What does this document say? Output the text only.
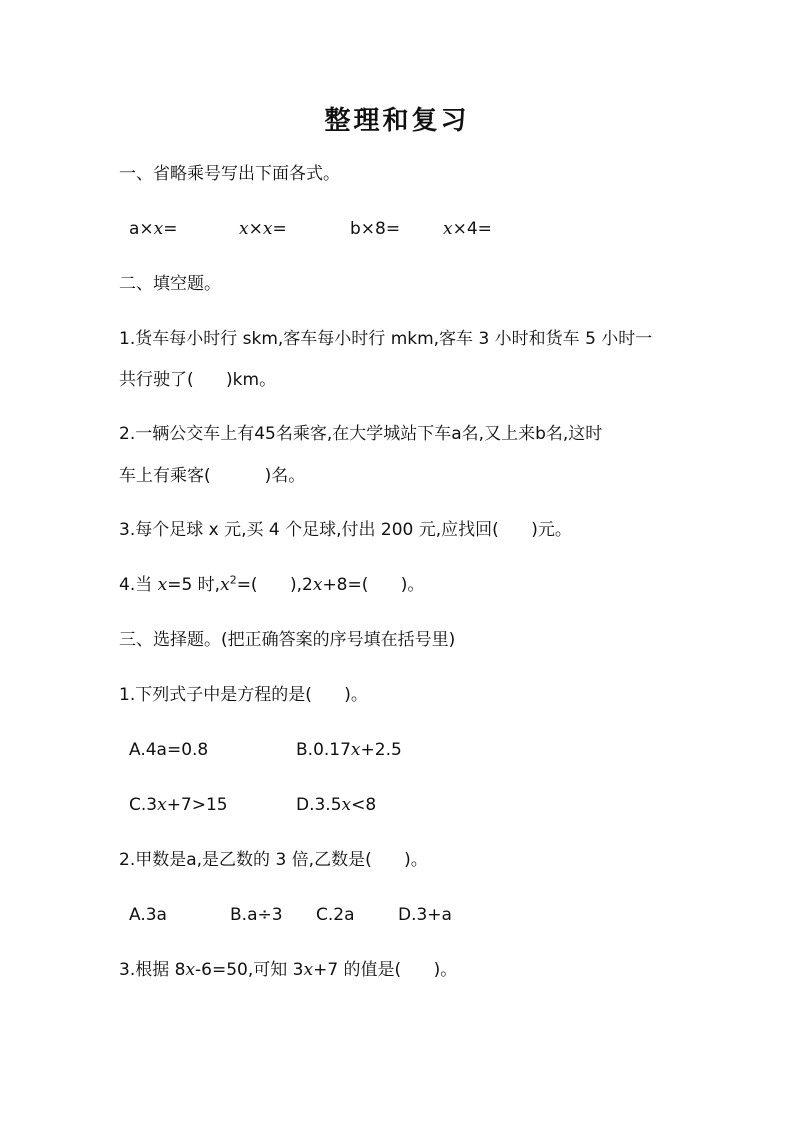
整理和复习
一、省略乘号写出下面各式。
a×x=	x×x=	b×8=	x×4=
二、填空题。
1.货车每小时行 skm,客车每小时行 mkm,客车 3 小时和货车 5 小时一
共行驶了(      )km。
2.一辆公交车上有45名乘客,在大学城站下车a名,又上来b名,这时
车上有乘客(          )名。
3.每个足球 x 元,买 4 个足球,付出 200 元,应找回(      )元。
4.当 x=5 时$,x^2=$(      ),2x+8=(      )。
三、选择题。(把正确答案的序号填在括号里)
1.下列式子中是方程的是(      )。
A.4a=0.8	B.0.17x+2.5
C.3x+7>15	D.3.5x<8
2.甲数是a,是乙数的 3 倍,乙数是(      )。
A.3a	B.a÷3 C.2a	D.3+a
3.根据 8x-6=50,可知 3x+7 的值是(      )。
